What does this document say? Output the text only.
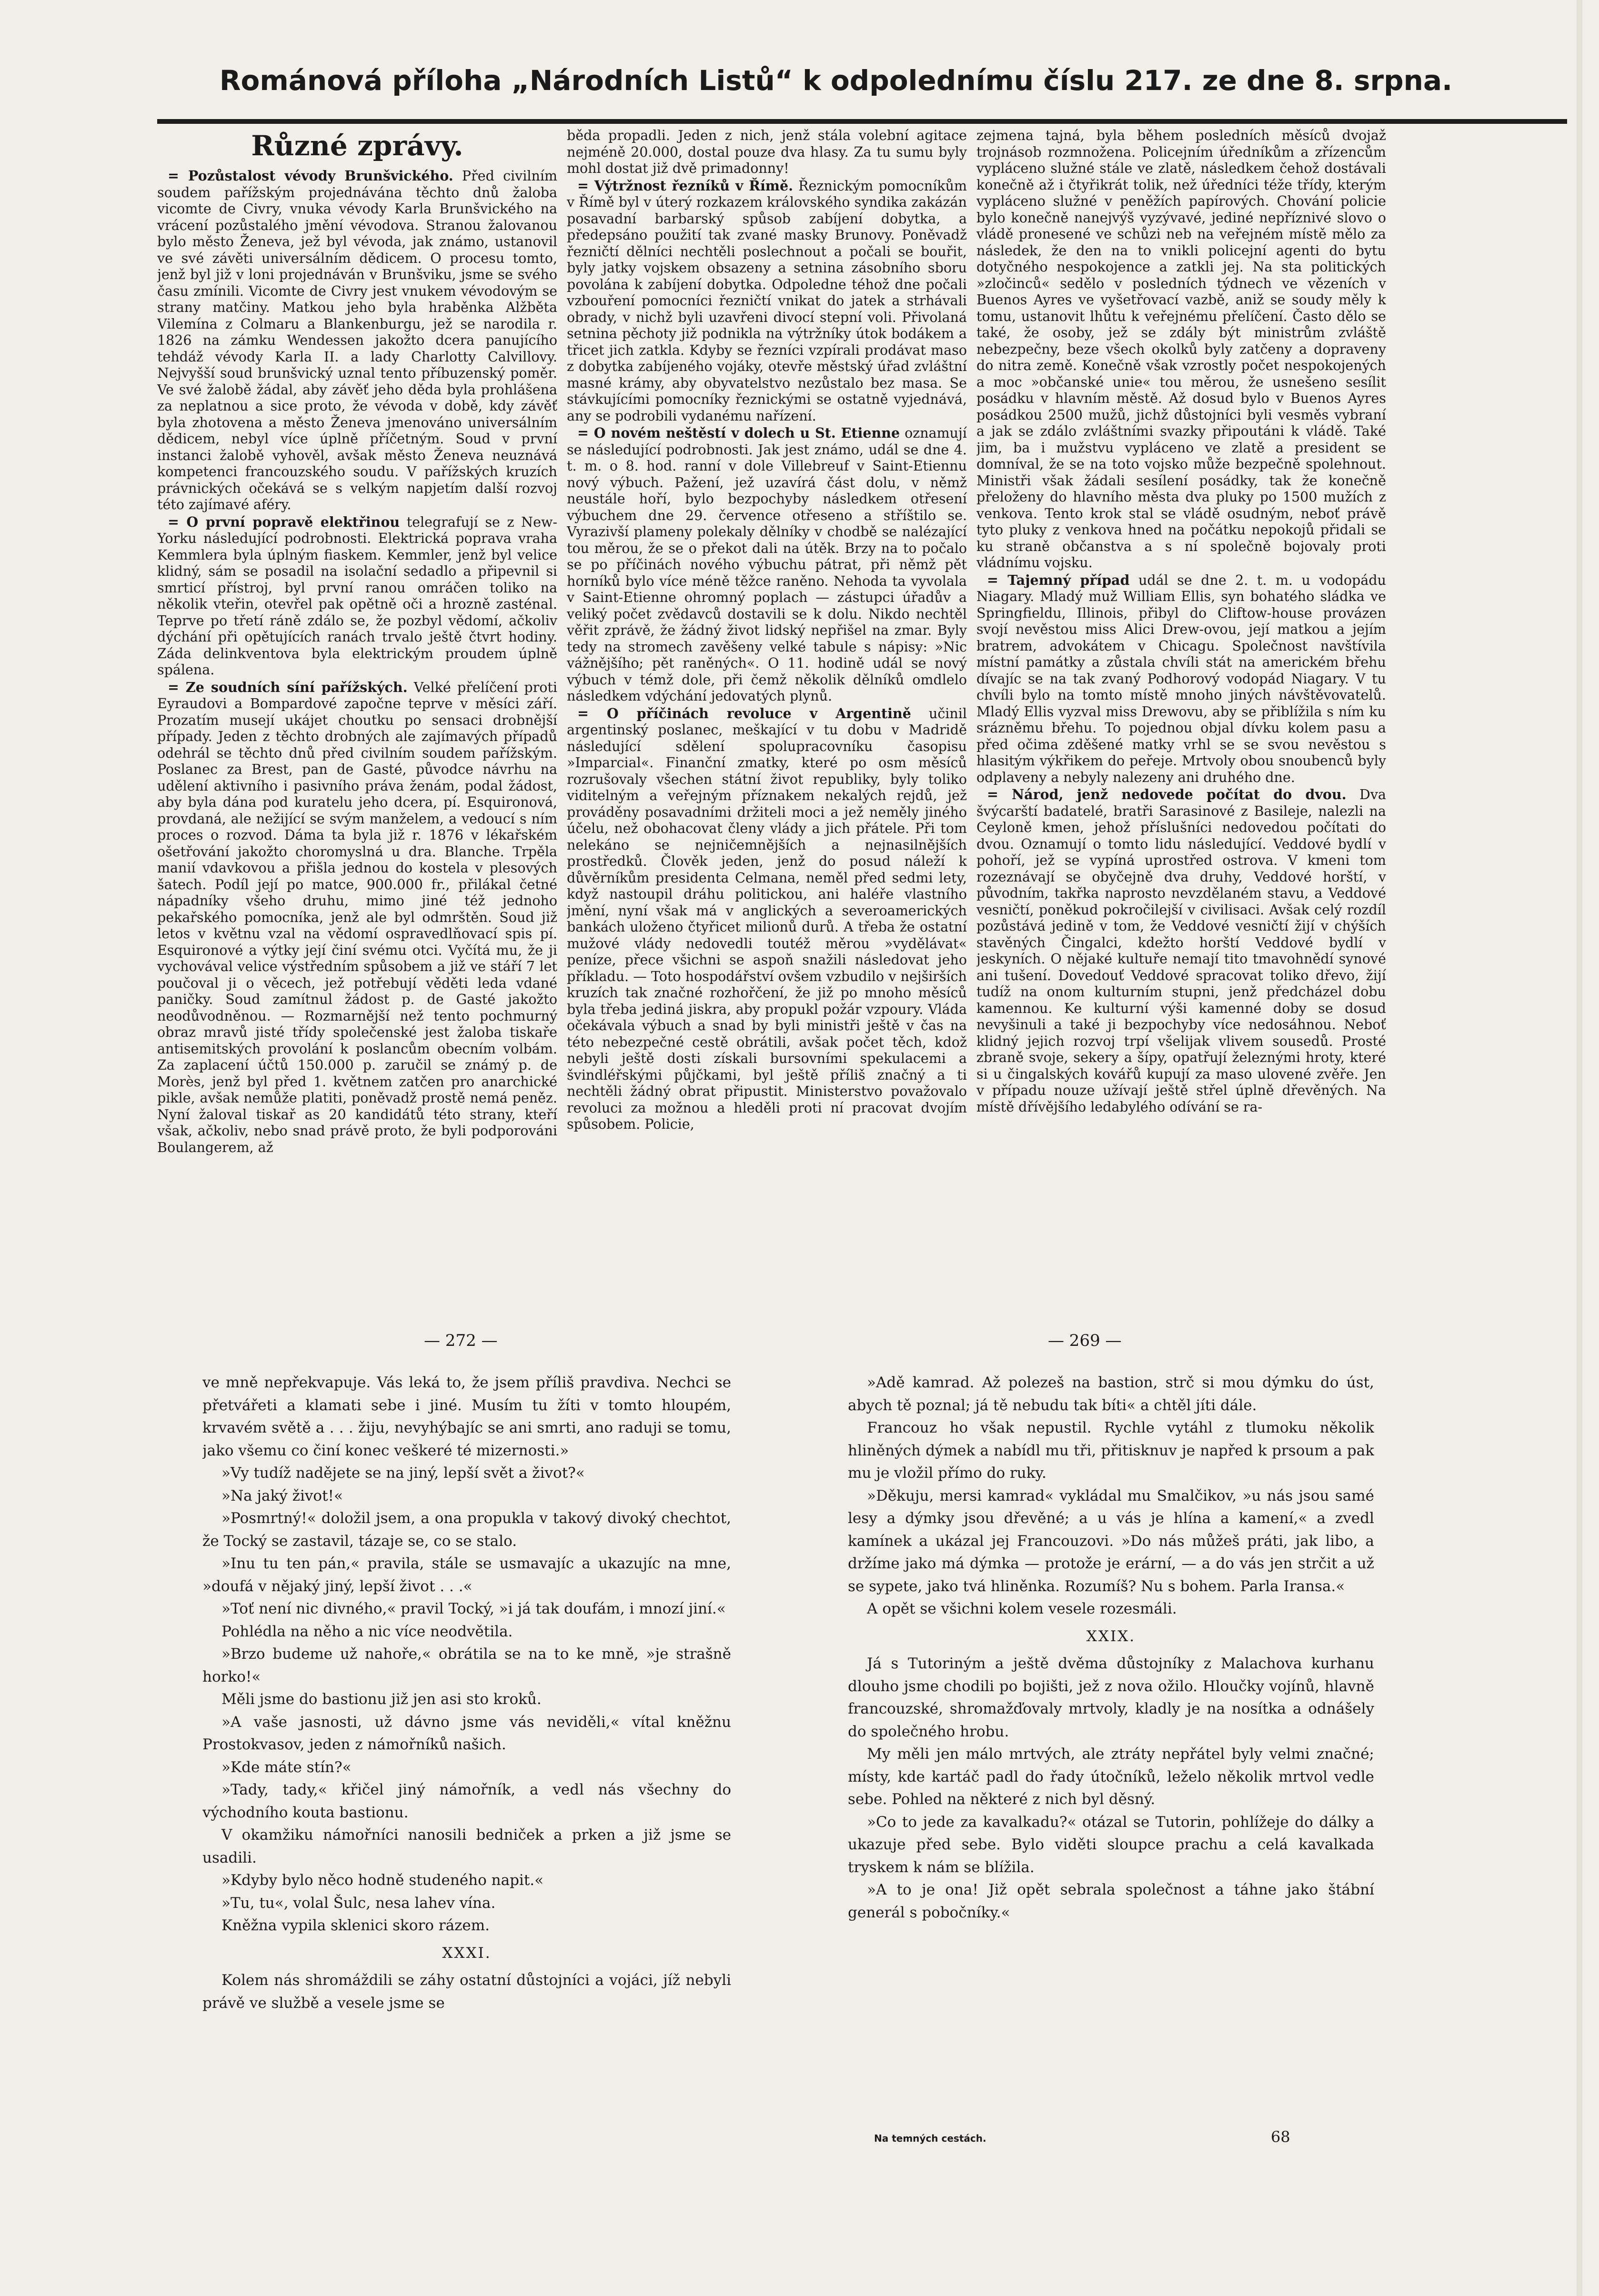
Románová příloha „Národních Listů“ k odpolednímu číslu 217. ze dne 8. srpna.
Různé zprávy.

= Pozůstalost vévody Brunšvického. Před civilním soudem pařížským projednávána těchto dnů žaloba vicomte de Civry, vnuka vévody Karla Brunšvického na vrácení pozůstalého jmění vévodova. Stranou žalovanou bylo město Ženeva, jež byl vévoda, jak známo, ustanovil ve své závěti universálním dědicem. O procesu tomto, jenž byl již v loni projednáván v Brunšviku, jsme se svého času zmínili. Vicomte de Civry jest vnukem vévodovým se strany matčiny. Matkou jeho byla hraběnka Alžběta Vilemína z Colmaru a Blankenburgu, jež se narodila r. 1826 na zámku Wendessen jakožto dcera panujícího tehdáž vévody Karla II. a lady Charlotty Calvillovy. Nejvyšší soud brunšvický uznal tento příbuzenský poměr. Ve své žalobě žádal, aby závěť jeho děda byla prohlášena za neplatnou a sice proto, že vévoda v době, kdy závěť byla zhotovena a město Ženeva jmenováno universálním dědicem, nebyl více úplně příčetným. Soud v první instanci žalobě vyhověl, avšak město Ženeva neuznává kompetenci francouzského soudu. V pařížských kruzích právnických očekává se s velkým napjetím další rozvoj této zajímavé aféry.

= O první popravě elektřinou telegrafují se z New-Yorku následující podrobnosti. Elektrická poprava vraha Kemmlera byla úplným fiaskem. Kemmler, jenž byl velice klidný, sám se posadil na isolační sedadlo a připevnil si smrticí přístroj, byl první ranou omráčen toliko na několik vteřin, otevřel pak opětně oči a hrozně zasténal. Teprve po třetí ráně zdálo se, že pozbyl vědomí, ačkoliv dýchání při opětujících ranách trvalo ještě čtvrt hodiny. Záda delinkventova byla elektrickým proudem úplně spálena.

= Ze soudních síní pařížských. Velké přelíčení proti Eyraudovi a Bompardové započne teprve v měsíci září. Prozatím musejí ukájet choutku po sensaci drobnější případy. Jeden z těchto drobných ale zajímavých případů odehrál se těchto dnů před civilním soudem pařížským. Poslanec za Brest, pan de Gasté, původce návrhu na udělení aktivního i pasivního práva ženám, podal žádost, aby byla dána pod kuratelu jeho dcera, pí. Esquironová, provdaná, ale nežijící se svým manželem, a vedoucí s ním proces o rozvod. Dáma ta byla již r. 1876 v lékařském ošetřování jakožto choromyslná u dra. Blanche. Trpěla manií vdavkovou a přišla jednou do kostela v plesových šatech. Podíl její po matce, 900.000 fr., přilákal četné nápadníky všeho druhu, mimo jiné též jednoho pekařského pomocníka, jenž ale byl odmrštěn. Soud již letos v květnu vzal na vědomí ospravedlňovací spis pí. Esquironové a výtky její činí svému otci. Vyčítá mu, že ji vychovával velice výstředním spůsobem a již ve stáří 7 let poučoval ji o věcech, jež potřebují věděti leda vdané paničky. Soud zamítnul žádost p. de Gasté jakožto neodůvodněnou. — Rozmarnější než tento pochmurný obraz mravů jisté třídy společenské jest žaloba tiskaře antisemitských provolání k poslancům obecním volbám. Za zaplacení účtů 150.000 p. zaručil se známý p. de Morès, jenž byl před 1. květnem zatčen pro anarchické pikle, avšak nemůže platiti, poněvadž prostě nemá peněz. Nyní žaloval tiskař as 20 kandidátů této strany, kteří však, ačkoliv, nebo snad právě proto, že byli podporováni Boulangerem, až

běda propadli. Jeden z nich, jenž stála volební agitace nejméně 20.000, dostal pouze dva hlasy. Za tu sumu byly mohl dostat již dvě primadonny!

= Výtržnost řezníků v Římě. Řeznickým pomocníkům v Římě byl v úterý rozkazem královského syndika zakázán posavadní barbarský spůsob zabíjení dobytka, a předepsáno použití tak zvané masky Brunovy. Poněvadž řezničtí dělníci nechtěli poslechnout a počali se bouřit, byly jatky vojskem obsazeny a setnina zásobního sboru povolána k zabíjení dobytka. Odpoledne téhož dne počali vzbouření pomocníci řezničtí vnikat do jatek a strhávali obrady, v nichž byli uzavřeni divocí stepní voli. Přivolaná setnina pěchoty již podnikla na výtržníky útok bodákem a třicet jich zatkla. Kdyby se řezníci vzpírali prodávat maso z dobytka zabíjeného vojáky, otevře městský úřad zvláštní masné krámy, aby obyvatelstvo nezůstalo bez masa. Se stávkujícími pomocníky řeznickými se ostatně vyjednává, any se podrobili vydanému nařízení.

= O novém neštěstí v dolech u St. Etienne oznamují se následující podrobnosti. Jak jest známo, udál se dne 4. t. m. o 8. hod. ranní v dole Villebreuf v Saint-Etiennu nový výbuch. Pažení, jež uzavírá část dolu, v němž neustále hoří, bylo bezpochyby následkem otřesení výbuchem dne 29. července otřeseno a stříštilo se. Vyrazivší plameny polekaly dělníky v chodbě se nalézající tou měrou, že se o překot dali na útěk. Brzy na to počalo se po příčinách nového výbuchu pátrat, při němž pět horníků bylo více méně těžce raněno. Nehoda ta vyvolala v Saint-Etienne ohromný poplach — zástupci úřadův a veliký počet zvědavců dostavili se k dolu. Nikdo nechtěl věřit zprávě, že žádný život lidský nepřišel na zmar. Byly tedy na stromech zavěšeny velké tabule s nápisy: »Nic vážnějšího; pět raněných«. O 11. hodině udál se nový výbuch v témž dole, při čemž několik dělníků omdlelo následkem vdýchání jedovatých plynů.

= O příčinách revoluce v Argentině učinil argentinský poslanec, meškající v tu dobu v Madridě následující sdělení spolupracovníku časopisu »Imparcial«. Finanční zmatky, které po osm měsíců rozrušovaly všechen státní život republiky, byly toliko viditelným a veřejným příznakem nekalých rejdů, jež prováděny posavadními držiteli moci a jež neměly jiného účelu, než obohacovat členy vlády a jich přátele. Při tom nelekáno se nejničemnějších a nejnasilnějších prostředků. Člověk jeden, jenž do posud náleží k důvěrníkům presidenta Celmana, neměl před sedmi lety, když nastoupil dráhu politickou, ani haléře vlastního jmění, nyní však má v anglických a severoamerických bankách uloženo čtyřicet milionů durů. A třeba že ostatní mužové vlády nedovedli toutéž měrou »vydělávat« peníze, přece všichni se aspoň snažili následovat jeho příkladu. — Toto hospodářství ovšem vzbudilo v nejširších kruzích tak značné rozhořčení, že již po mnoho měsíců byla třeba jediná jiskra, aby propukl požár vzpoury. Vláda očekávala výbuch a snad by byli ministři ještě v čas na této nebezpečné cestě obrátili, avšak počet těch, kdož nebyli ještě dosti získali bursovními spekulacemi a švindléřskými půjčkami, byl ještě příliš značný a ti nechtěli žádný obrat připustit. Ministerstvo považovalo revoluci za možnou a hleděli proti ní pracovat dvojím spůsobem. Policie,

zejmena tajná, byla během posledních měsíců dvojaž trojnásob rozmnožena. Policejním úředníkům a zřízencům vypláceno služné stále ve zlatě, následkem čehož dostávali konečně až i čtyřikrát tolik, než úředníci téže třídy, kterým vypláceno služné v peněžích papírových. Chování policie bylo konečně nanejvýš vyzývavé, jediné nepříznivé slovo o vládě pronesené ve schůzi neb na veřejném místě mělo za následek, že den na to vnikli policejní agenti do bytu dotyčného nespokojence a zatkli jej. Na sta politických »zločinců« sedělo v posledních týdnech ve vězeních v Buenos Ayres ve vyšetřovací vazbě, aniž se soudy měly k tomu, ustanovit lhůtu k veřejnému přelíčení. Často dělo se také, že osoby, jež se zdály být ministrům zvláště nebezpečny, beze všech okolků byly zatčeny a dopraveny do nitra země. Konečně však vzrostly počet nespokojených a moc »občanské unie« tou měrou, že usnešeno sesílit posádku v hlavním městě. Až dosud bylo v Buenos Ayres posádkou 2500 mužů, jichž důstojníci byli vesměs vybraní a jak se zdálo zvláštními svazky připoutáni k vládě. Také jim, ba i mužstvu vypláceno ve zlatě a president se domníval, že se na toto vojsko může bezpečně spolehnout. Ministři však žádali sesílení posádky, tak že konečně přeloženy do hlavního města dva pluky po 1500 mužích z venkova. Tento krok stal se vládě osudným, neboť právě tyto pluky z venkova hned na počátku nepokojů přidali se ku straně občanstva a s ní společně bojovaly proti vládnímu vojsku.

= Tajemný případ udál se dne 2. t. m. u vodopádu Niagary. Mladý muž William Ellis, syn bohatého sládka ve Springfieldu, Illinois, přibyl do Cliftow-house provázen svojí nevěstou miss Alici Drew-ovou, její matkou a jejím bratrem, advokátem v Chicagu. Společnost navštívila místní památky a zůstala chvíli stát na americkém břehu dívajíc se na tak zvaný Podhorový vodopád Niagary. V tu chvíli bylo na tomto místě mnoho jiných návštěvovatelů. Mladý Ellis vyzval miss Drewovu, aby se přiblížila s ním ku srázněmu břehu. To pojednou objal dívku kolem pasu a před očima zděšené matky vrhl se se svou nevěstou s hlasitým výkřikem do peřeje. Mrtvoly obou snoubenců byly odplaveny a nebyly nalezeny ani druhého dne.

= Národ, jenž nedovede počítat do dvou. Dva švýcarští badatelé, bratři Sarasinové z Basileje, nalezli na Ceyloně kmen, jehož příslušníci nedovedou počítati do dvou. Oznamují o tomto lidu následující. Veddové bydlí v pohoří, jež se vypíná uprostřed ostrova. V kmeni tom rozeznávají se obyčejně dva druhy, Veddové horští, v původním, takřka naprosto nevzdělaném stavu, a Veddové vesničtí, poněkud pokročilejší v civilisaci. Avšak celý rozdíl pozůstává jedině v tom, že Veddové vesničtí žijí v chýších stavěných Čingalci, kdežto horští Veddové bydlí v jeskyních. O nějaké kultuře nemají tito tmavohnědí synové ani tušení. Dovedouť Veddové spracovat toliko dřevo, žijí tudíž na onom kulturním stupni, jenž předcházel dobu kamennou. Ke kulturní výši kamenné doby se dosud nevyšinuli a také ji bezpochyby více nedosáhnou. Neboť klidný jejich rozvoj trpí všelijak vlivem sousedů. Prosté zbraně svoje, sekery a šípy, opatřují železnými hroty, které si u čingalských kovářů kupují za maso ulovené zvěře. Jen v případu nouze užívají ještě střel úplně dřevěných. Na místě dřívějšího ledabylého odívání se ra-

— 272 —	— 269 —

ve mně nepřekvapuje. Vás leká to, že jsem příliš pravdiva. Nechci se přetvářeti a klamati sebe i jiné. Musím tu žíti v tomto hloupém, krvavém světě a . . . žiju, nevyhýbajíc se ani smrti, ano raduji se tomu, jako všemu co činí konec veškeré té mizernosti.»

»Vy tudíž nadějete se na jiný, lepší svět a život?«

»Na jaký život!«

»Posmrtný!« doložil jsem, a ona propukla v takový divoký chechtot, že Tocký se zastavil, tázaje se, co se stalo.

»Inu tu ten pán,« pravila, stále se usmavajíc a ukazujíc na mne, »doufá v nějaký jiný, lepší život . . .«

»Toť není nic divného,« pravil Tocký, »i já tak doufám, i mnozí jiní.«

Pohlédla na něho a nic více neodvětila.

»Brzo budeme už nahoře,« obrátila se na to ke mně, »je strašně horko!«

Měli jsme do bastionu již jen asi sto kroků.

»A vaše jasnosti, už dávno jsme vás neviděli,« vítal kněžnu Prostokvasov, jeden z námořníků našich.

»Kde máte stín?«

»Tady, tady,« křičel jiný námořník, a vedl nás všechny do východního kouta bastionu.

V okamžiku námořníci nanosili bedniček a prken a již jsme se usadili.

»Kdyby bylo něco hodně studeného napit.«

»Tu, tu«, volal Šulc, nesa lahev vína.

Kněžna vypila sklenici skoro rázem.

XXXI.

Kolem nás shromáždili se záhy ostatní důstojníci a vojáci, jíž nebyli právě ve službě a vesele jsme se

»Adě kamrad. Až polezeš na bastion, strč si mou dýmku do úst, abych tě poznal; já tě nebudu tak bíti« a chtěl jíti dále.

Francouz ho však nepustil. Rychle vytáhl z tlumoku několik hliněných dýmek a nabídl mu tři, přitisknuv je napřed k prsoum a pak mu je vložil přímo do ruky.

»Děkuju, mersi kamrad« vykládal mu Smalčikov, »u nás jsou samé lesy a dýmky jsou dřevěné; a u vás je hlína a kamení,« a zvedl kamínek a ukázal jej Francouzovi. »Do nás můžeš práti, jak libo, a držíme jako má dýmka — protože je erární, — a do vás jen strčit a už se sypete, jako tvá hliněnka. Rozumíš? Nu s bohem. Parla Iransa.«

A opět se všichni kolem vesele rozesmáli.

XXIX.

Já s Tutoriným a ještě dvěma důstojníky z Malachova kurhanu dlouho jsme chodili po bojišti, jež z nova ožilo. Hloučky vojínů, hlavně francouzské, shromažďovaly mrtvoly, kladly je na nosítka a odnášely do společného hrobu.

My měli jen málo mrtvých, ale ztráty nepřátel byly velmi značné; místy, kde kartáč padl do řady útočníků, leželo několik mrtvol vedle sebe. Pohled na některé z nich byl děsný.

»Co to jede za kavalkadu?« otázal se Tutorin, pohlížeje do dálky a ukazuje před sebe. Bylo viděti sloupce prachu a celá kavalkada tryskem k nám se blížila.

»A to je ona! Již opět sebrala společnost a táhne jako štábní generál s pobočníky.«

Na temných cestách.	68
